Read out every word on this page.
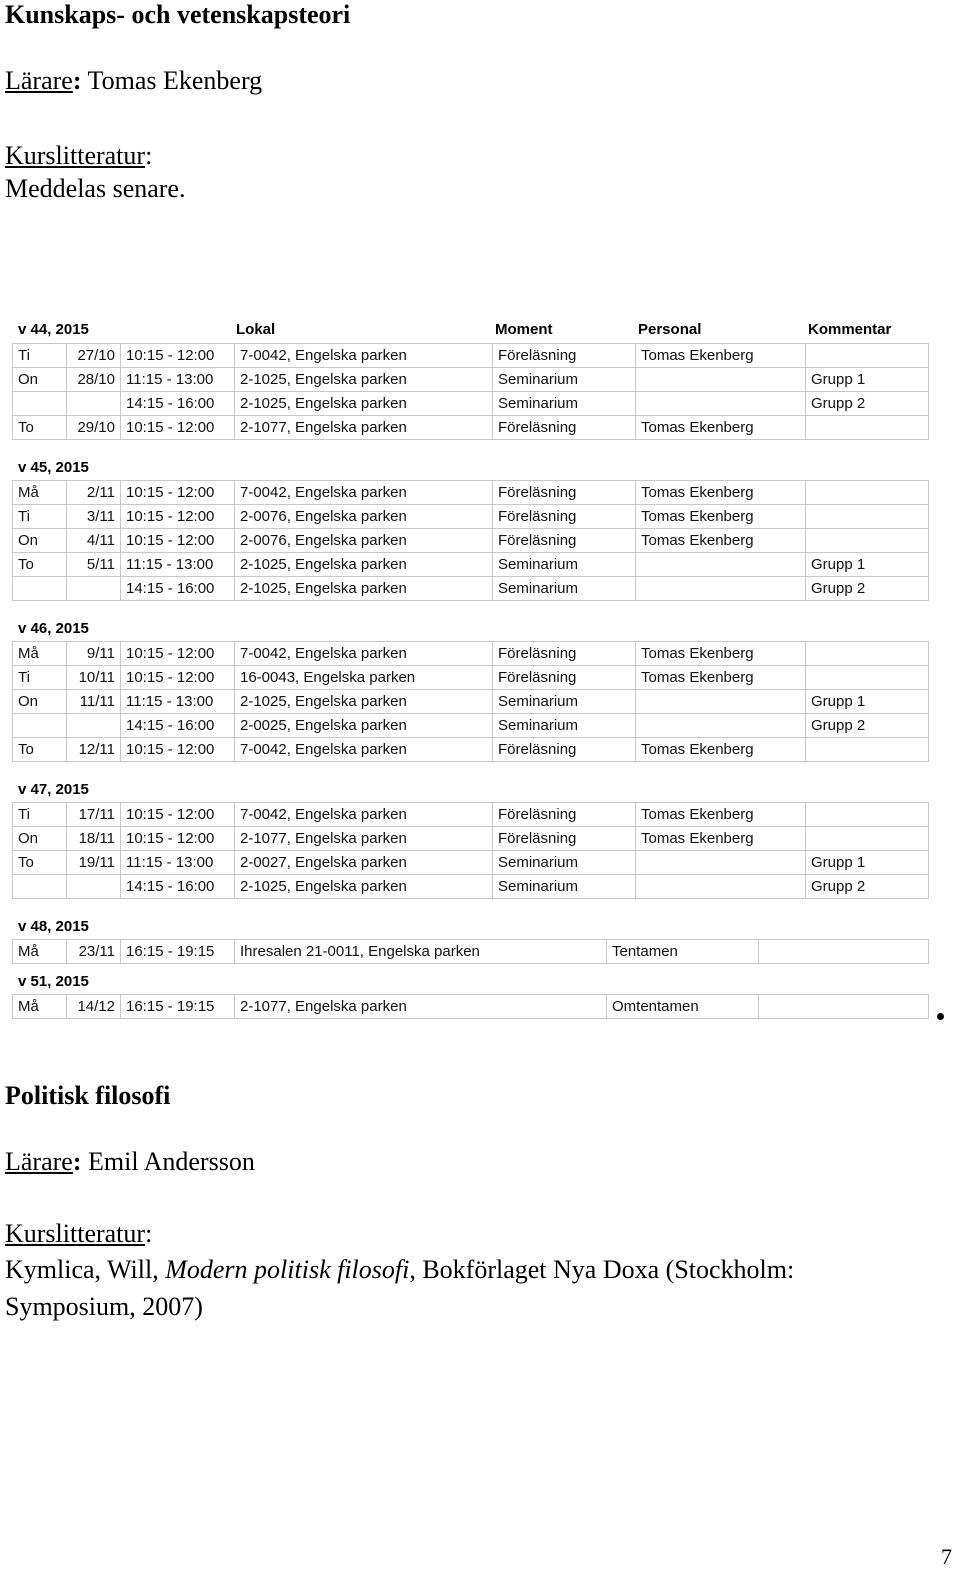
Kunskaps- och vetenskapsteori
Lärare: Tomas Ekenberg
Kurslitteratur:
Meddelas senare.
v 44, 2015	Lokal	Moment	Personal	Kommentar
Ti	27/10	10:15 - 12:00	7-0042, Engelska parken	Föreläsning	Tomas Ekenberg	
On	28/10	11:15 - 13:00	2-1025, Engelska parken	Seminarium		Grupp 1
		14:15 - 16:00	2-1025, Engelska parken	Seminarium		Grupp 2
To	29/10	10:15 - 12:00	2-1077, Engelska parken	Föreläsning	Tomas Ekenberg	
v 45, 2015
Må	2/11	10:15 - 12:00	7-0042, Engelska parken	Föreläsning	Tomas Ekenberg	
Ti	3/11	10:15 - 12:00	2-0076, Engelska parken	Föreläsning	Tomas Ekenberg	
On	4/11	10:15 - 12:00	2-0076, Engelska parken	Föreläsning	Tomas Ekenberg	
To	5/11	11:15 - 13:00	2-1025, Engelska parken	Seminarium		Grupp 1
		14:15 - 16:00	2-1025, Engelska parken	Seminarium		Grupp 2
v 46, 2015
Må	9/11	10:15 - 12:00	7-0042, Engelska parken	Föreläsning	Tomas Ekenberg	
Ti	10/11	10:15 - 12:00	16-0043, Engelska parken	Föreläsning	Tomas Ekenberg	
On	11/11	11:15 - 13:00	2-1025, Engelska parken	Seminarium		Grupp 1
		14:15 - 16:00	2-0025, Engelska parken	Seminarium		Grupp 2
To	12/11	10:15 - 12:00	7-0042, Engelska parken	Föreläsning	Tomas Ekenberg	
v 47, 2015
Ti	17/11	10:15 - 12:00	7-0042, Engelska parken	Föreläsning	Tomas Ekenberg	
On	18/11	10:15 - 12:00	2-1077, Engelska parken	Föreläsning	Tomas Ekenberg	
To	19/11	11:15 - 13:00	2-0027, Engelska parken	Seminarium		Grupp 1
		14:15 - 16:00	2-1025, Engelska parken	Seminarium		Grupp 2
v 48, 2015
Må	23/11	16:15 - 19:15	Ihresalen 21-0011, Engelska parken	Tentamen	
v 51, 2015
Må	14/12	16:15 - 19:15	2-1077, Engelska parken	Omtentamen	
Politisk filosofi
Lärare: Emil Andersson
Kurslitteratur:
Kymlica, Will, Modern politisk filosofi, Bokförlaget Nya Doxa (Stockholm:
Symposium, 2007)
7
